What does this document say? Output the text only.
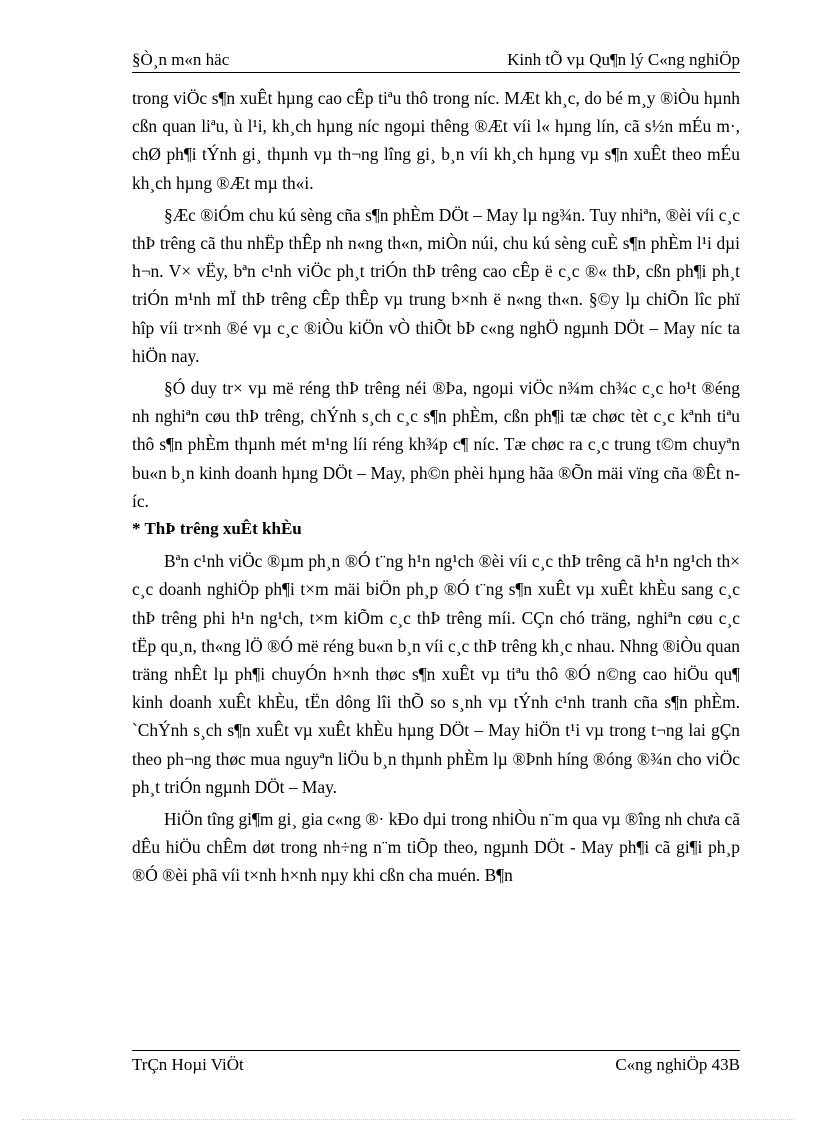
§Ò¸n m«n häc	Kinh tÕ vµ Qu¶n lý C«ng nghiÖp

trong viÖc s¶n xuÊt hµng cao cÊp tiªu thô trong níc. MÆt kh¸c, do bé m¸y ®iÒu hµnh cßn quan liªu, ù l¹i, kh¸ch hµng níc ngoµi thêng ®Æt víi l« hµng lín, cã s½n mÉu m·, chØ ph¶i tÝnh gi¸ thµnh vµ th¬ng lîng gi¸ b¸n víi kh¸ch hµng vµ s¶n xuÊt theo mÉu kh¸ch hµng ®Æt mµ th«i.

§Æc ®iÓm chu kú sèng cña s¶n phÈm DÖt – May lµ ng¾n. Tuy nhiªn, ®èi víi c¸c thÞ trêng cã thu nhËp thÊp nh n«ng th«n, miÒn núi, chu kú sèng cuÈ s¶n phÈm l¹i dµi h¬n. V× vËy, bªn c¹nh viÖc ph¸t triÓn thÞ trêng cao cÊp ë c¸c ®« thÞ, cßn ph¶i ph¸t triÓn m¹nh mÏ thÞ trêng cÊp thÊp vµ trung b×nh ë n«ng th«n. §©y lµ chiÕn lîc phï hîp víi tr×nh ®é vµ c¸c ®iÒu kiÖn vÒ thiÕt bÞ c«ng nghÖ ngµnh DÖt – May níc ta hiÖn nay.

§Ó duy tr× vµ më réng thÞ trêng néi ®Þa, ngoµi viÖc n¾m ch¾c c¸c ho¹t ®éng nh nghiªn cøu thÞ trêng, chÝnh s¸ch c¸c s¶n phÈm, cßn ph¶i tæ chøc tèt c¸c kªnh tiªu thô s¶n phÈm thµnh mét m¹ng líi réng kh¾p c¶ níc. Tæ chøc ra c¸c trung t©m chuyªn bu«n b¸n kinh doanh hµng DÖt – May, ph©n phèi hµng hãa ®Õn mäi vïng cña ®Êt níc.

* ThÞ trêng xuÊt khÈu

Bªn c¹nh viÖc ®µm ph¸n ®Ó t¨ng h¹n ng¹ch ®èi víi c¸c thÞ trêng cã h¹n ng¹ch th× c¸c doanh nghiÖp ph¶i t×m mäi biÖn ph¸p ®Ó t¨ng s¶n xuÊt vµ xuÊt khÈu sang c¸c thÞ trêng phi h¹n ng¹ch, t×m kiÕm c¸c thÞ trêng míi. CÇn chó träng, nghiªn cøu c¸c tËp qu¸n, th«ng lÖ ®Ó më réng bu«n b¸n víi c¸c thÞ trêng kh¸c nhau. Nhng ®iÒu quan träng nhÊt lµ ph¶i chuyÓn h×nh thøc s¶n xuÊt vµ tiªu thô ®Ó n©ng cao hiÖu qu¶ kinh doanh xuÊt khÈu, tËn dông lîi thÕ so s¸nh vµ tÝnh c¹nh tranh cña s¶n phÈm. `ChÝnh s¸ch s¶n xuÊt vµ xuÊt khÈu hµng DÖt – May hiÖn t¹i vµ trong t¬ng lai gÇn theo ph¬ng thøc mua nguyªn liÖu b¸n thµnh phÈm lµ ®Þnh híng ®óng ®¾n cho viÖc ph¸t triÓn ngµnh DÖt – May.

HiÖn tîng gi¶m gi¸ gia c«ng ®· kÐo dµi trong nhiÒu n¨m qua vµ ®îng nh chưa cã dÊu hiÖu chÊm døt trong nh÷ng n¨m tiÕp theo, ngµnh DÖt - May ph¶i cã gi¶i ph¸p ®Ó ®èi phã víi t×nh h×nh nµy khi cßn cha muén. B¶n

TrÇn Hoµi ViÖt	C«ng nghiÖp 43B
